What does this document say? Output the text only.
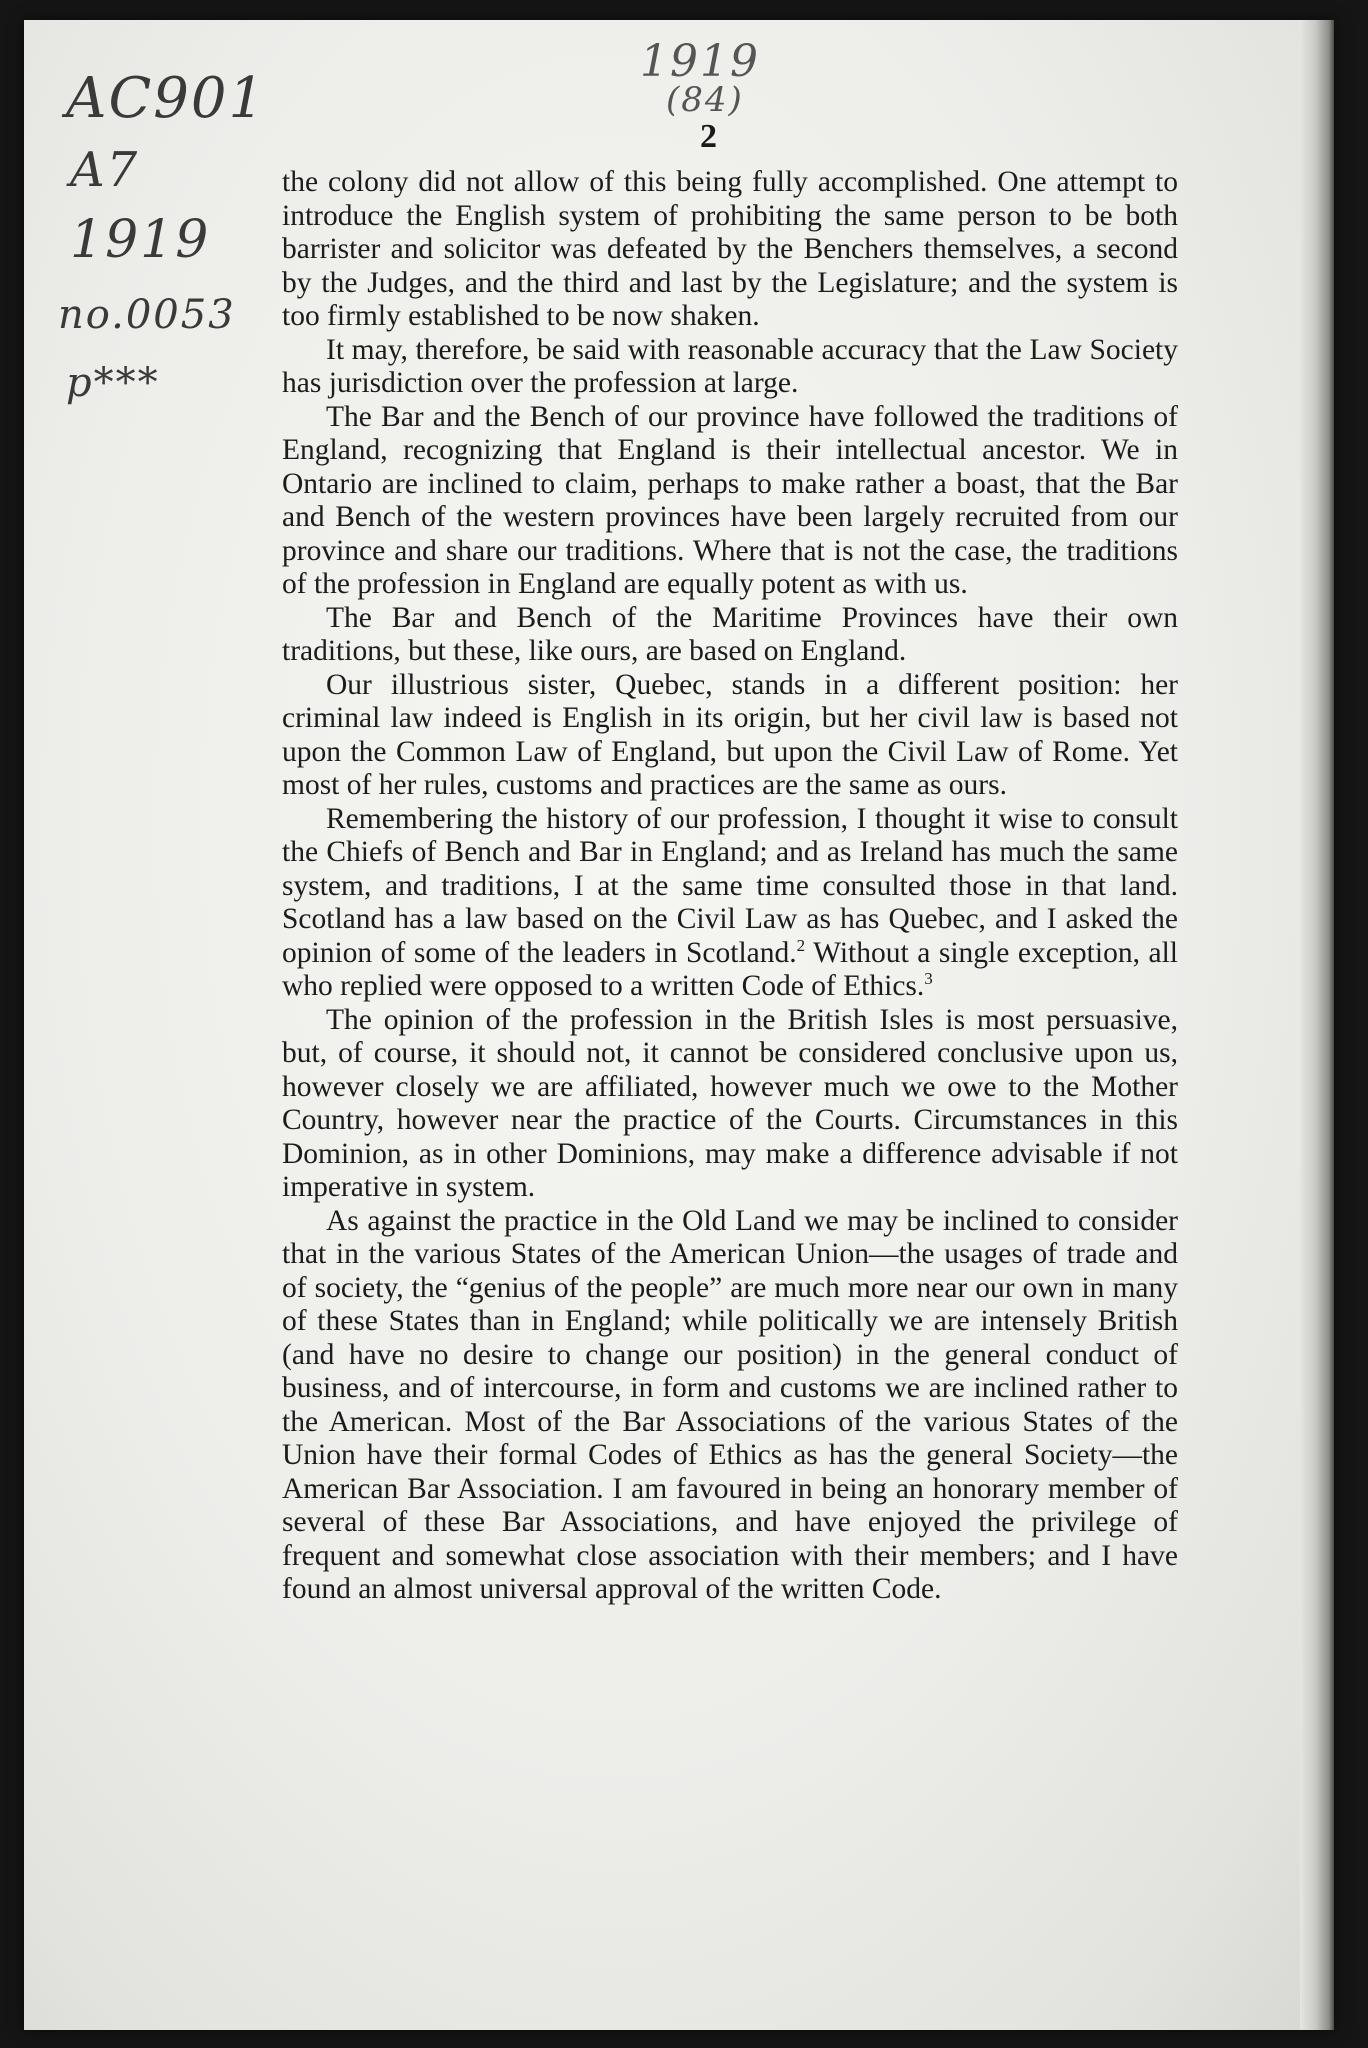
AC901
A7
1919
no.0053
p***
1919
(84)
2

the colony did not allow of this being fully accomplished. One attempt to introduce the English system of prohibiting the same person to be both barrister and solicitor was defeated by the Benchers themselves, a second by the Judges, and the third and last by the Legislature; and the system is too firmly established to be now shaken.

It may, therefore, be said with reasonable accuracy that the Law Society has jurisdiction over the profession at large.

The Bar and the Bench of our province have followed the traditions of England, recognizing that England is their intellectual ancestor. We in Ontario are inclined to claim, perhaps to make rather a boast, that the Bar and Bench of the western provinces have been largely recruited from our province and share our traditions. Where that is not the case, the traditions of the profession in England are equally potent as with us.

The Bar and Bench of the Maritime Provinces have their own traditions, but these, like ours, are based on England.

Our illustrious sister, Quebec, stands in a different position: her criminal law indeed is English in its origin, but her civil law is based not upon the Common Law of England, but upon the Civil Law of Rome. Yet most of her rules, customs and practices are the same as ours.

Remembering the history of our profession, I thought it wise to consult the Chiefs of Bench and Bar in England; and as Ireland has much the same system, and traditions, I at the same time consulted those in that land. Scotland has a law based on the Civil Law as has Quebec, and I asked the opinion of some of the leaders in Scotland.$^2$ Without a single exception, all who replied were opposed to a written Code of Ethics.$^3$

The opinion of the profession in the British Isles is most persuasive, but, of course, it should not, it cannot be considered conclusive upon us, however closely we are affiliated, however much we owe to the Mother Country, however near the practice of the Courts. Circumstances in this Dominion, as in other Dominions, may make a difference advisable if not imperative in system.

As against the practice in the Old Land we may be inclined to consider that in the various States of the American Union—the usages of trade and of society, the “genius of the people” are much more near our own in many of these States than in England; while politically we are intensely British (and have no desire to change our position) in the general conduct of business, and of intercourse, in form and customs we are inclined rather to the American. Most of the Bar Associations of the various States of the Union have their formal Codes of Ethics as has the general Society—the American Bar Association. I am favoured in being an honorary member of several of these Bar Associations, and have enjoyed the privilege of frequent and somewhat close association with their members; and I have found an almost universal approval of the written Code.
